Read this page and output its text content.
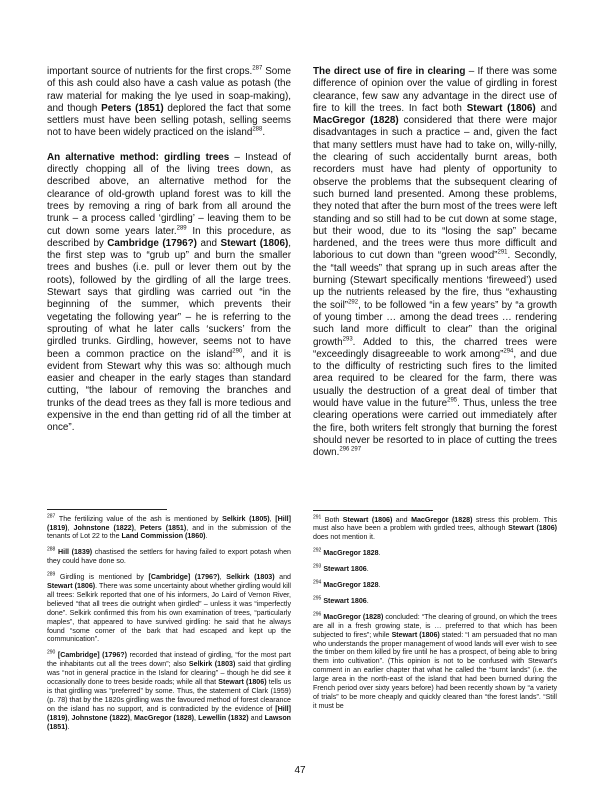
important source of nutrients for the first crops.$^{287}$ Some of this ash could also have a cash value as potash (the raw material for making the lye used in soap-making), and though Peters (1851) deplored the fact that some settlers must have been selling potash, selling seems not to have been widely practiced on the island$^{288}$.

An alternative method: girdling trees – Instead of directly chopping all of the living trees down, as described above, an alternative method for the clearance of old-growth upland forest was to kill the trees by removing a ring of bark from all around the trunk – a process called ‘girdling’ – leaving them to be cut down some years later.$^{289}$ In this procedure, as described by Cambridge (1796?) and Stewart (1806), the first step was to “grub up” and burn the smaller trees and bushes (i.e. pull or lever them out by the roots), followed by the girdling of all the large trees. Stewart says that girdling was carried out “in the beginning of the summer, which prevents their vegetating the following year” – he is referring to the sprouting of what he later calls ‘suckers’ from the girdled trunks. Girdling, however, seems not to have been a common practice on the island$^{290}$, and it is evident from Stewart why this was so: although much easier and cheaper in the early stages than standard cutting, “the labour of removing the branches and trunks of the dead trees as they fall is more tedious and expensive in the end than getting rid of all the timber at once”.

$^{287}$ The fertilizing value of the ash is mentioned by Selkirk (1805), [Hill] (1819), Johnstone (1822), Peters (1851), and in the submission of the tenants of Lot 22 to the Land Commission (1860).

$^{288}$ Hill (1839) chastised the settlers for having failed to export potash when they could have done so.

$^{289}$ Girdling is mentioned by [Cambridge] (1796?), Selkirk (1803) and Stewart (1806). There was some uncertainty about whether girdling would kill all trees: Selkirk reported that one of his informers, Jo Laird of Vernon River, believed “that all trees die outright when girdled” – unless it was “imperfectly done”. Selkirk confirmed this from his own examination of trees, “particularly maples”, that appeared to have survived girdling: he said that he always found “some corner of the bark that had escaped and kept up the communication”.

$^{290}$ [Cambridge] (1796?) recorded that instead of girdling, “for the most part the inhabitants cut all the trees down”; also Selkirk (1803) said that girdling was “not in general practice in the Island for clearing” – though he did see it occasionally done to trees beside roads; while all that Stewart (1806) tells us is that girdling was “preferred” by some. Thus, the statement of Clark (1959) (p. 78) that by the 1820s girdling was the favoured method of forest clearance on the island has no support, and is contradicted by the evidence of [Hill] (1819), Johnstone (1822), MacGregor (1828), Lewellin (1832) and Lawson (1851).

The direct use of fire in clearing – If there was some difference of opinion over the value of girdling in forest clearance, few saw any advantage in the direct use of fire to kill the trees. In fact both Stewart (1806) and MacGregor (1828) considered that there were major disadvantages in such a practice – and, given the fact that many settlers must have had to take on, willy-nilly, the clearing of such accidentally burnt areas, both recorders must have had plenty of opportunity to observe the problems that the subsequent clearing of such burned land presented. Among these problems, they noted that after the burn most of the trees were left standing and so still had to be cut down at some stage, but their wood, due to its “losing the sap” became hardened, and the trees were thus more difficult and laborious to cut down than “green wood”$^{291}$. Secondly, the “tall weeds” that sprang up in such areas after the burning (Stewart specifically mentions ‘fireweed’) used up the nutrients released by the fire, thus “exhausting the soil”$^{292}$, to be followed “in a few years” by “a growth of young timber … among the dead trees … rendering such land more difficult to clear” than the original growth$^{293}$. Added to this, the charred trees were “exceedingly disagreeable to work among”$^{294}$, and due to the difficulty of restricting such fires to the limited area required to be cleared for the farm, there was usually the destruction of a great deal of timber that would have value in the future$^{295}$. Thus, unless the tree clearing operations were carried out immediately after the fire, both writers felt strongly that burning the forest should never be resorted to in place of cutting the trees down.$^{296 297}$

$^{291}$ Both Stewart (1806) and MacGregor (1828) stress this problem. This must also have been a problem with girdled trees, although Stewart (1806) does not mention it.

$^{292}$ MacGregor 1828.

$^{293}$ Stewart 1806.

$^{294}$ MacGregor 1828.

$^{295}$ Stewart 1806.

$^{296}$ MacGregor (1828) concluded: “The clearing of ground, on which the trees are all in a fresh growing state, is … preferred to that which has been subjected to fires”; while Stewart (1806) stated: “I am persuaded that no man who understands the proper management of wood lands will ever wish to see the timber on them killed by fire until he has a prospect, of being able to bring them into cultivation”. (This opinion is not to be confused with Stewart's comment in an earlier chapter that what he called the “burnt lands” (i.e. the large area in the north-east of the island that had been burned during the French period over sixty years before) had been recently shown by “a variety of trials” to be more cheaply and quickly cleared than “the forest lands”. “Still it must be

47
